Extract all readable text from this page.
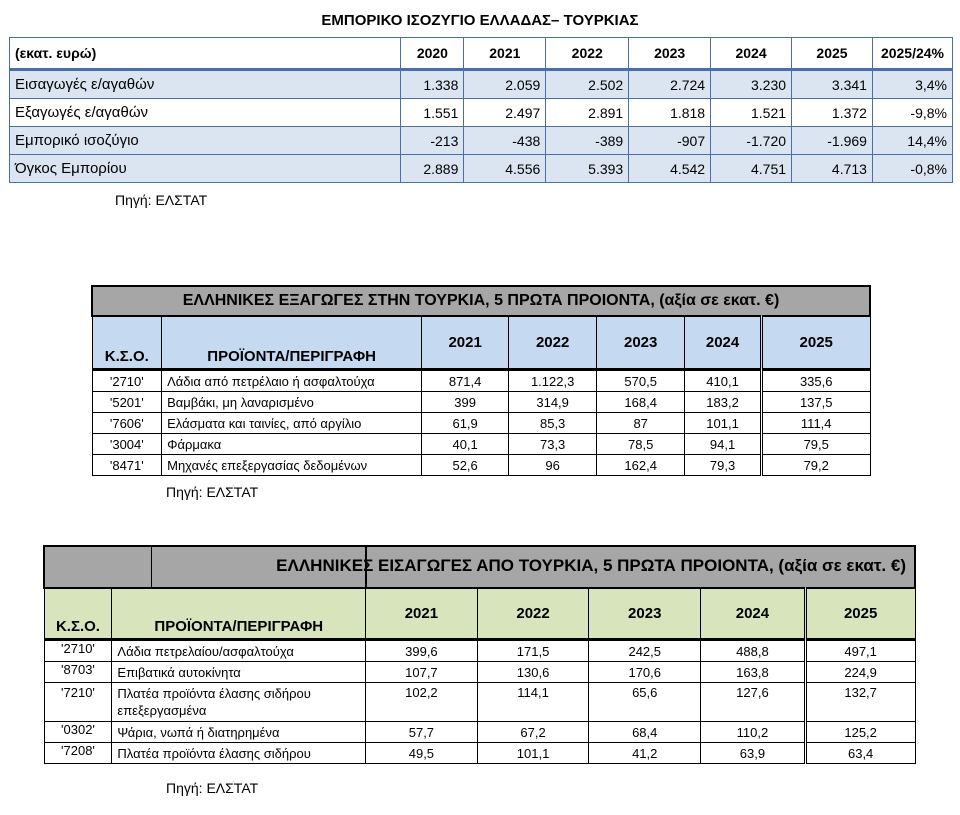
ΕΜΠΟΡΙΚΟ ΙΣΟΖΥΓΙΟ ΕΛΛΑΔΑΣ– ΤΟΥΡΚΙΑΣ
(εκατ. ευρώ)	2020	2021	2022	2023	2024	2025	2025/24%
Εισαγωγές ε/αγαθών	1.338	2.059	2.502	2.724	3.230	3.341	3,4%
Εξαγωγές ε/αγαθών	1.551	2.497	2.891	1.818	1.521	1.372	-9,8%
Εμπορικό ισοζύγιο	-213	-438	-389	-907	-1.720	-1.969	14,4%
Όγκος Εμπορίου	2.889	4.556	5.393	4.542	4.751	4.713	-0,8%
Πηγή: ΕΛΣΤΑΤ
ΕΛΛΗΝΙΚΕΣ ΕΞΑΓΩΓΕΣ ΣΤΗΝ ΤΟΥΡΚΙΑ, 5 ΠΡΩΤΑ ΠΡΟΙΟΝΤΑ, (αξία σε εκατ. €)						
Κ.Σ.Ο.	ΠΡΟΪΟΝΤΑ/ΠΕΡΙΓΡΑΦΗ	2021	2022	2023	2024	2025
'2710'	Λάδια από πετρέλαιο ή ασφαλτούχα	871,4	1.122,3	570,5	410,1	335,6
'5201'	Βαμβάκι, μη λαναρισμένο	399	314,9	168,4	183,2	137,5
'7606'	Ελάσματα και ταινίες, από αργίλιο	61,9	85,3	87	101,1	111,4
'3004'	Φάρμακα	40,1	73,3	78,5	94,1	79,5
'8471'	Μηχανές επεξεργασίας δεδομένων	52,6	96	162,4	79,3	79,2
Πηγή: ΕΛΣΤΑΤ

Κ.Σ.Ο.	ΠΡΟΪΟΝΤΑ/ΠΕΡΙΓΡΑΦΗ	2021	2022	2023	2024	2025
'2710'	Λάδια πετρελαίου/ασφαλτούχα	399,6	171,5	242,5	488,8	497,1
'8703'	Επιβατικά αυτοκίνητα	107,7	130,6	170,6	163,8	224,9
'7210'	Πλατέα προϊόντα έλασης σιδήρου επεξεργασμένα	102,2	114,1	65,6	127,6	132,7
'0302'	Ψάρια, νωπά ή διατηρημένα	57,7	67,2	68,4	110,2	125,2
'7208'	Πλατέα προϊόντα έλασης σιδήρου	49,5	101,1	41,2	63,9	63,4
ΕΛΛΗΝΙΚΕΣ ΕΙΣΑΓΩΓΕΣ ΑΠΟ ΤΟΥΡΚΙΑ, 5 ΠΡΩΤΑ ΠΡΟΙΟΝΤΑ, (αξία σε εκατ. €)
Πηγή: ΕΛΣΤΑΤ
